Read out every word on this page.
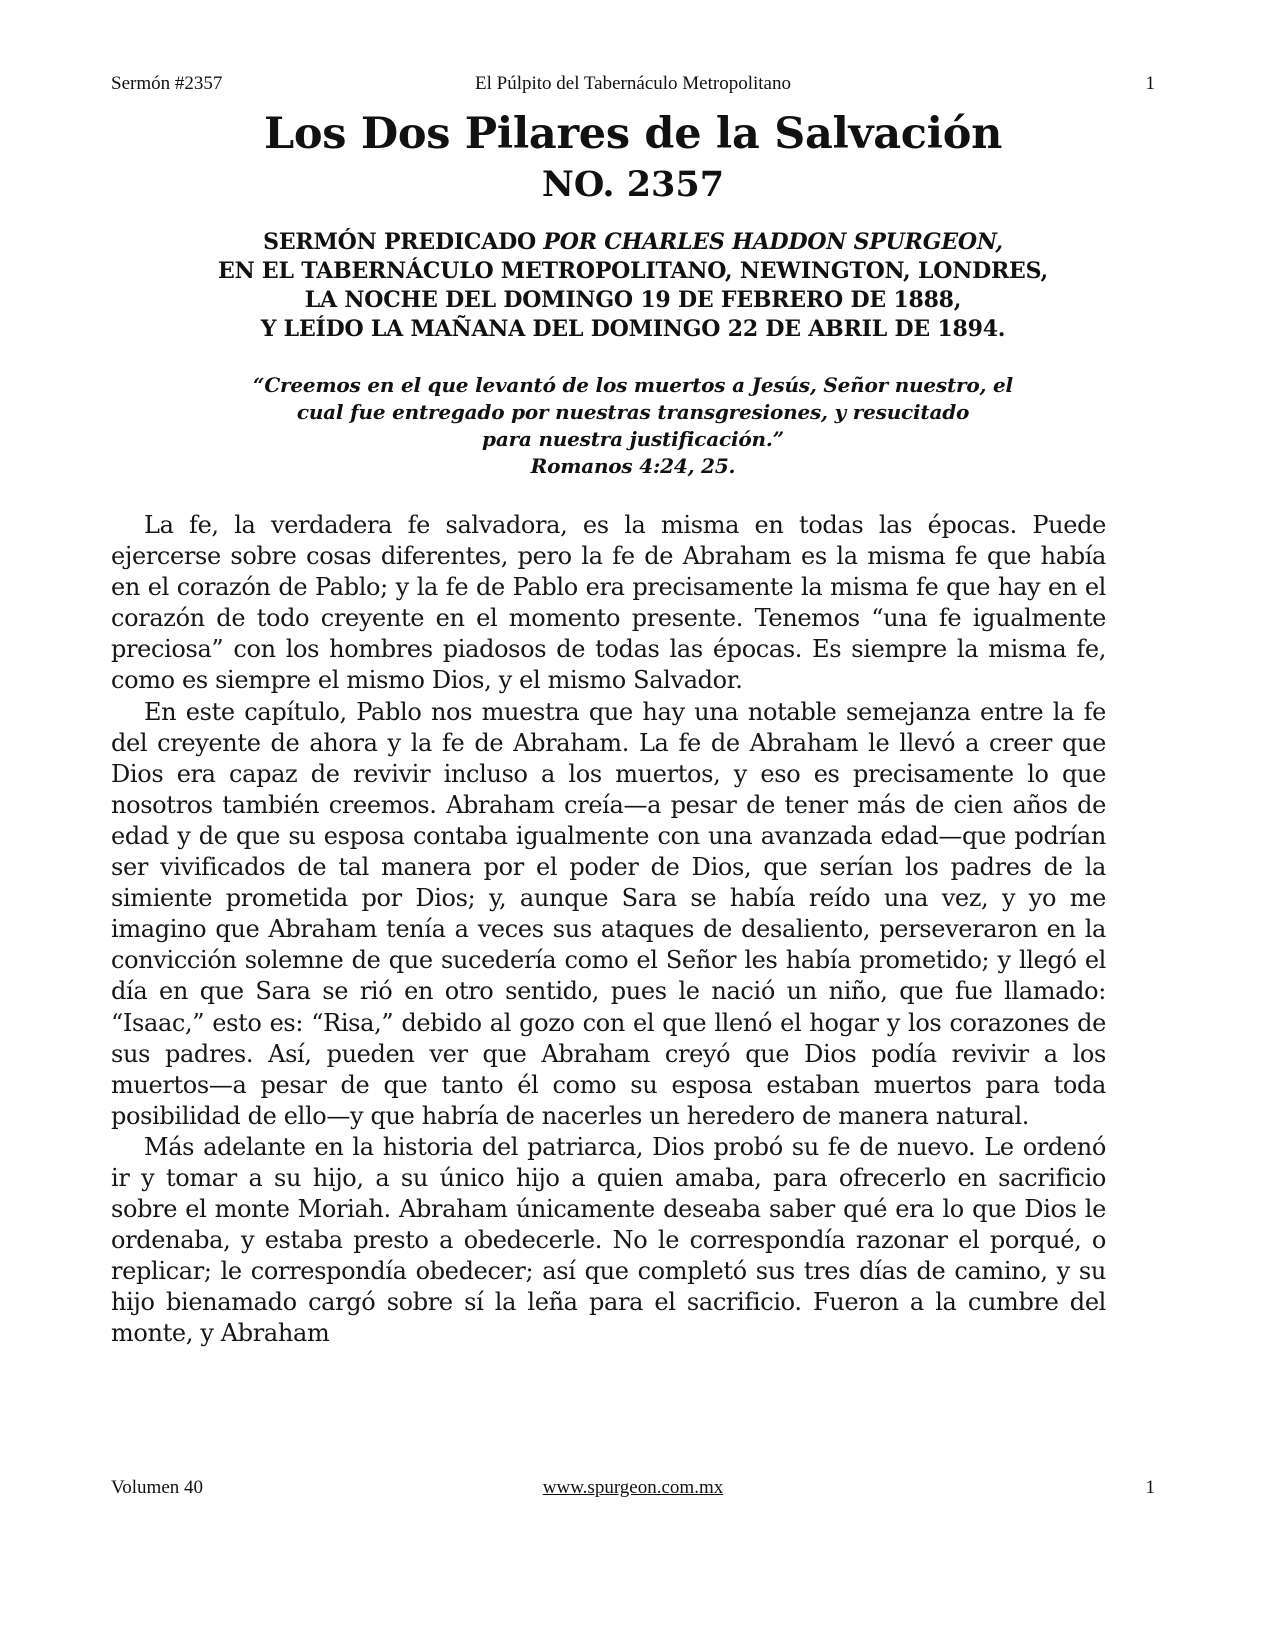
Sermón #2357	El Púlpito del Tabernáculo Metropolitano	1
Los Dos Pilares de la Salvación
NO. 2357
SERMÓN PREDICADO POR CHARLES HADDON SPURGEON,
EN EL TABERNÁCULO METROPOLITANO, NEWINGTON, LONDRES,
LA NOCHE DEL DOMINGO 19 DE FEBRERO DE 1888,
Y LEÍDO LA MAÑANA DEL DOMINGO 22 DE ABRIL DE 1894.
“Creemos en el que levantó de los muertos a Jesús, Señor nuestro, el
cual fue entregado por nuestras transgresiones, y resucitado
para nuestra justificación.”
Romanos 4:24, 25.

La fe, la verdadera fe salvadora, es la misma en todas las épocas. Puede ejercerse sobre cosas diferentes, pero la fe de Abraham es la misma fe que había en el corazón de Pablo; y la fe de Pablo era precisamente la misma fe que hay en el corazón de todo creyente en el momento presente. Tenemos “una fe igualmente preciosa” con los hombres piadosos de todas las épocas. Es siempre la misma fe, como es siempre el mismo Dios, y el mismo Salvador.

En este capítulo, Pablo nos muestra que hay una notable semejanza entre la fe del creyente de ahora y la fe de Abraham. La fe de Abraham le llevó a creer que Dios era capaz de revivir incluso a los muertos, y eso es precisamente lo que nosotros también creemos. Abraham creía—a pesar de tener más de cien años de edad y de que su esposa contaba igualmente con una avanzada edad—que podrían ser vivificados de tal manera por el poder de Dios, que serían los padres de la simiente prometida por Dios; y, aunque Sara se había reído una vez, y yo me imagino que Abraham tenía a veces sus ataques de desaliento, perseveraron en la convicción solemne de que sucedería como el Señor les había prometido; y llegó el día en que Sara se rió en otro sentido, pues le nació un niño, que fue llamado: “Isaac,” esto es: “Risa,” debido al gozo con el que llenó el hogar y los corazones de sus padres. Así, pueden ver que Abraham creyó que Dios podía revivir a los muertos—a pesar de que tanto él como su esposa estaban muertos para toda posibilidad de ello—y que habría de nacerles un heredero de manera natural.

Más adelante en la historia del patriarca, Dios probó su fe de nuevo. Le ordenó ir y tomar a su hijo, a su único hijo a quien amaba, para ofrecerlo en sacrificio sobre el monte Moriah. Abraham únicamente deseaba saber qué era lo que Dios le ordenaba, y estaba presto a obedecerle. No le correspondía razonar el porqué, o replicar; le correspondía obedecer; así que completó sus tres días de camino, y su hijo bienamado cargó sobre sí la leña para el sacrificio. Fueron a la cumbre del monte, y Abraham

Volumen 40	www.spurgeon.com.mx	1
